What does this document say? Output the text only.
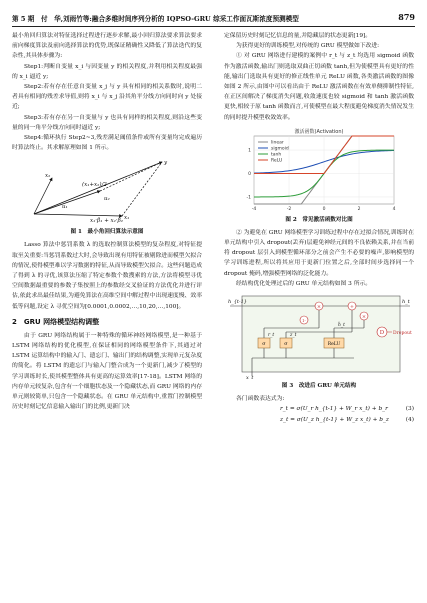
第 5 期　付　华,刘雨竹等:融合多维时间序列分析的 IQPSO-GRU 综采工作面瓦斯浓度预测模型	879

最小角回归算法对特征选择过程进行逐步求解,最小回归算法要求算法要求前向梯度算法及前向选择算法的优势,既保证精确性又降低了算法迭代的复杂性,其具体步骤为:

Step1:判断自变量 x_i 与因变量 y 的相关程度,并利用相关程度最强的 x_i 逼近 y;

Step2:若有存在任意自变量 x_j 与 y 具有相同的相关系数时,说明二者具有相同的残差求导值,则将 x_i 与 x_j 沿其角平分线方向同时向 y 处接近;

Step3:若有存在另一自变量与 y 也具有同样的相关程度,则沿这些变量的同一角平分线方向同时逼近 y;

Step4:循环执行 Step2~3,残差满足阈值条件或所有变量均完成遍历时算法终止。其求解原理如图 1 所示。

y
x₂
x₁
(x₁+x₂)/2
u₁
x₁·β̂₁ + x₂·β̂₂
u₂
图 1　最小角回归算法示意图

Lasso 算法中惩罚系数 λ 的选取控制算法模型的复杂程度,对特征提取至关重要:当惩罚系数过大时,会导致出现有用特征被剔除进而模型欠拟合的情况,使得模型难以学习数据的特征,从而导致模型欠拟合。这些问题造成了得到 λ 的寻优,该算法压缩了特定参数个数搜索的方法,方法将模型寻优空间数据最重要的参数子集按照上的参数经交叉验证的方法优化并进行评估,依此求出最佳结果,为避免算法在高维空间中解过程中出现速度慢、效率低等问题,设定 λ 寻优空间为[0.0001,0.0002,…,10,20,…,100]。

2　GRU 网络模型结构调整

由于 GRU 网络结构属于一种特殊的循环神经网络模型,是一种基于 LSTM 网络结构的优化模型,在保证相同的网络模型条件下,其通过对 LSTM 运算结构中的输入门、遗忘门、输出门的结构调整,实现单元复杂度的简化。将 LSTM 的遗忘门与输入门整合成为一个更新门,减少了模型的学习训练时长,使其模型整体具有更高的运算效率[17-18]。LSTM 网络的内存单元较复杂,包含有一个细胞状态及一个隐藏状态,而 GRU 网络的内存单元则较简单,只包含一个隐藏状态。在 GRU 单元结构中,重置门控制模型历史时刻记忆信息输入输出门的比例,更新门决

定保留历史时刻记忆信息的量,并隐藏层的状态更新[19]。

为获得更好的训练模型,对传统的 GRU 模型做如下改进:

① 对 GRU 网络进行建模的案例中 r_t 与 z_t 均选用 sigmoid 函数作为激活函数,输出门则选取双曲正切函数 tanh,但为使模型具有更好的性能,输出门选取具有更好的修正线性单元 ReLU 函数,各类激活函数的图像如图 2 所示,由图中可以看出由于 ReLU 激活函数在有效单侧抑制性特征,在正区间解决了梯度消失问题,收敛速度也较 sigmoid 和 tanh 激活函数更快,相较于原 tanh 函数而言,可使模型在最大程度避免梯度消失情况发生的同时提升模型收敛效率。

激活函数(Activation)
-4	-2	0	2	4
1
0
-1
linear
sigmoid
tanh
ReLU
图 2　常见激活函数对比图

② 为避免在 GRU 网络模型学习训练过程中存在过拟合情况,训练时在单元结构中引入 dropout(丢弃)层避免神经元间的不良依赖关系,并在当前将 dropout 层引入到模型循环部分之前会产生不必要的噪声,影响模型的学习训练进程,所以将其应用于更新门位置之后,全部时间步选择同一个 dropout 掩码,增强模型网络的泛化能力。

经结构优化处理过后的 GRU 单元结构如图 3 所示。

σ	σ	ReLU
×	+
×
1-
D Dropout
h_{t-1}	h_t
x_t
r_t	z_t
ĥ_t
图 3　改进后 GRU 单元结构

各门函数表达式为:

r_t = σ(U_r h_{t-1} + W_r x_t) + b_r	(3)
z_t = σ(U_z h_{t-1} + W_z x_t) + b_z	(4)
